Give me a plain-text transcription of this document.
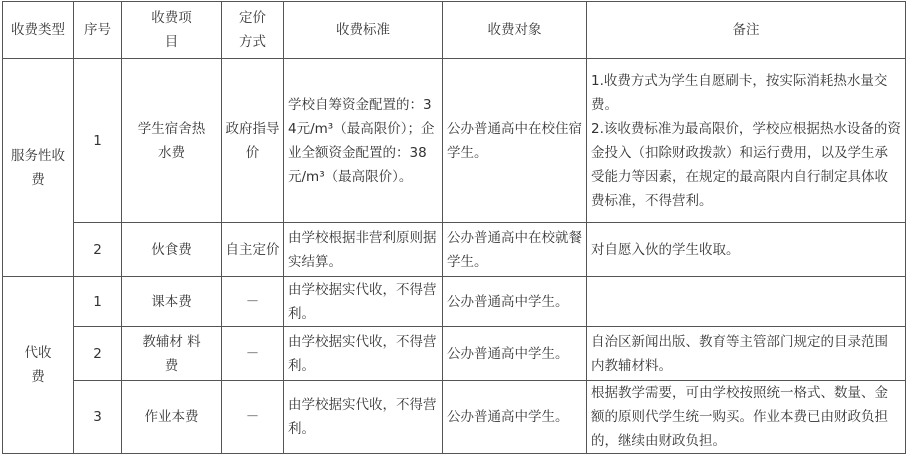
收费类型	序号	收费项目	定价方式	收费标准	收费对象	备注
服务性收费	1	学生宿舍热水费	政府指导价	学校自筹资金配置的：34元/m³（最高限价）；企业全额资金配置的：38元/m³（最高限价）。	公办普通高中在校住宿学生。	1.收费方式为学生自愿刷卡，按实际消耗热水量交费。
2.该收费标准为最高限价，学校应根据热水设备的资金投入（扣除财政拨款）和运行费用，以及学生承受能力等因素，在规定的最高限内自行制定具体收费标准，不得营利。

	2	伙食费	自主定价	由学校根据非营利原则据实结算。	公办普通高中在校就餐学生。	对自愿入伙的学生收取。
代收费	1	课本费	－	由学校据实代收，不得营利。	公办普通高中学生。	
	2	教辅材 料费	－	由学校据实代收，不得营利。	公办普通高中学生。	自治区新闻出版、教育等主管部门规定的目录范围内教辅材料。
	3	作业本费	－	由学校据实代收，不得营利。	公办普通高中学生。	根据教学需要，可由学校按照统一格式、数量、金额的原则代学生统一购买。作业本费已由财政负担的，继续由财政负担。
